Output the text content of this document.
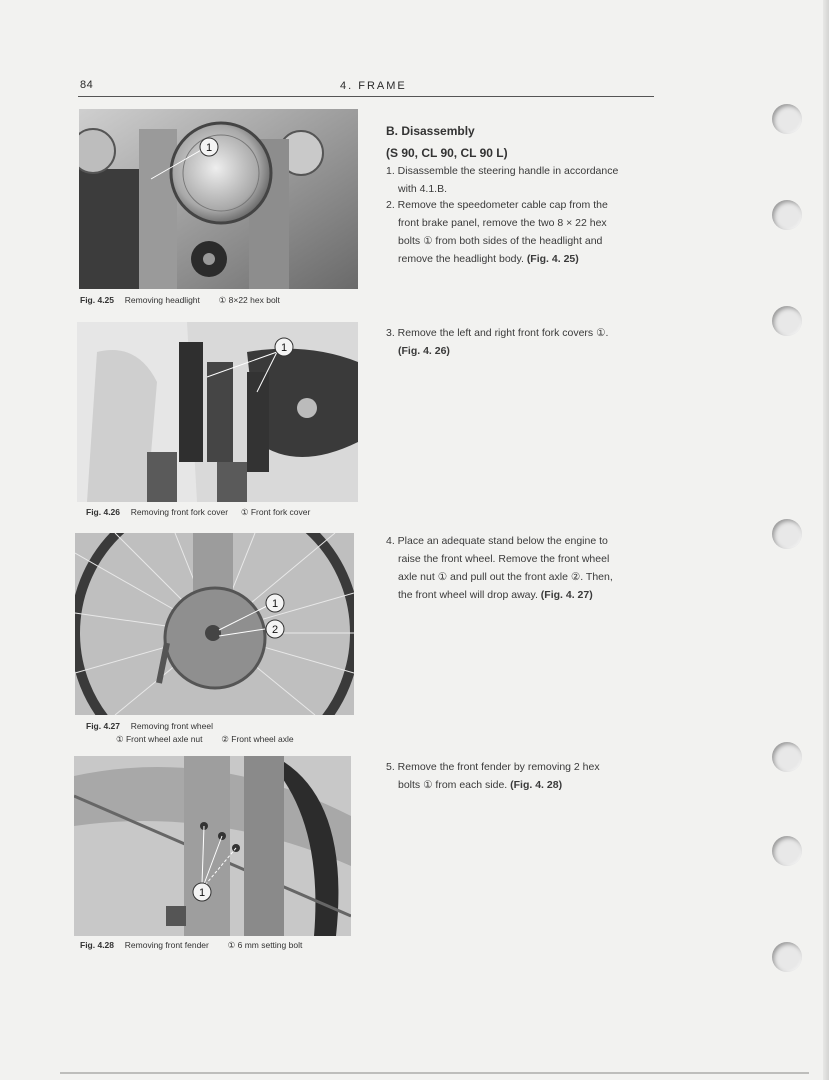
84	4. FRAME
1
Fig. 4.25 Removing headlight ① 8×22 hex bolt
1
Fig. 4.26 Removing front fork cover ① Front fork cover
1
2
Fig. 4.27 Removing front wheel
① Front wheel axle nut ② Front wheel axle
1
Fig. 4.28 Removing front fender ① 6 mm setting bolt
B. Disassembly
(S 90, CL 90, CL 90 L)
1. Disassemble the steering handle in accordance
with 4.1.B.
2. Remove the speedometer cable cap from the
front brake panel, remove the two 8 × 22 hex
bolts ① from both sides of the headlight and
remove the headlight body. (Fig. 4. 25)
3. Remove the left and right front fork covers ①.
(Fig. 4. 26)
4. Place an adequate stand below the engine to
raise the front wheel. Remove the front wheel
axle nut ① and pull out the front axle ②. Then,
the front wheel will drop away. (Fig. 4. 27)
5. Remove the front fender by removing 2 hex
bolts ① from each side. (Fig. 4. 28)
